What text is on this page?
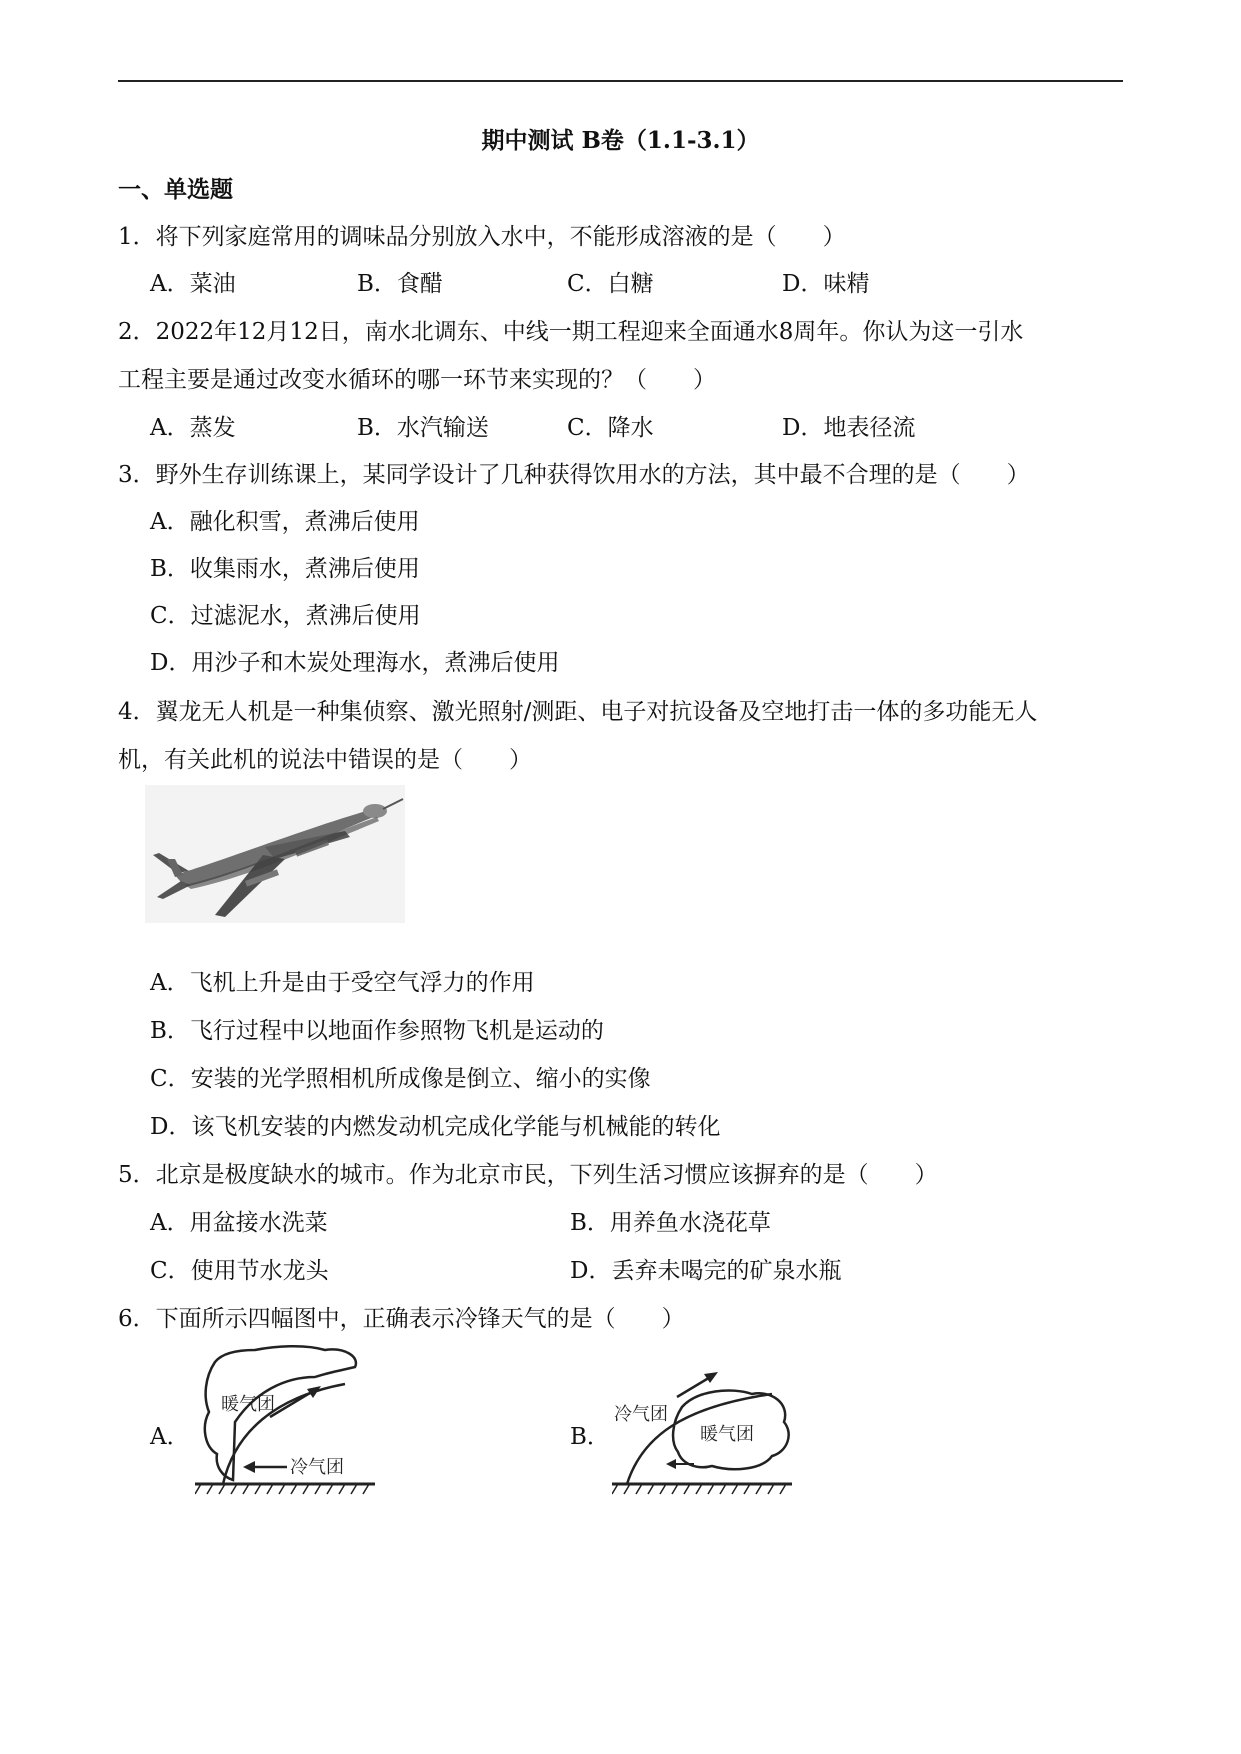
期中测试 B卷（1.1-3.1）
一、单选题
1．将下列家庭常用的调味品分别放入水中，不能形成溶液的是（　　）
A．菜油	B．食醋	C．白糖	D．味精
2．2022年12月12日，南水北调东、中线一期工程迎来全面通水8周年。你认为这一引水
工程主要是通过改变水循环的哪一环节来实现的？（　　）
A．蒸发	B．水汽输送	C．降水	D．地表径流
3．野外生存训练课上，某同学设计了几种获得饮用水的方法，其中最不合理的是（　　）
A．融化积雪，煮沸后使用
B．收集雨水，煮沸后使用
C．过滤泥水，煮沸后使用
D．用沙子和木炭处理海水，煮沸后使用
4．翼龙无人机是一种集侦察、激光照射/测距、电子对抗设备及空地打击一体的多功能无人
机，有关此机的说法中错误的是（　　）
A．飞机上升是由于受空气浮力的作用
B．飞行过程中以地面作参照物飞机是运动的
C．安装的光学照相机所成像是倒立、缩小的实像
D．该飞机安装的内燃发动机完成化学能与机械能的转化
5．北京是极度缺水的城市。作为北京市民，下列生活习惯应该摒弃的是（　　）
A．用盆接水洗菜	B．用养鱼水浇花草
C．使用节水龙头	D．丢弃未喝完的矿泉水瓶
6．下面所示四幅图中，正确表示冷锋天气的是（　　）
A．
暖气团
冷气团
B．
冷气团
暖气团
